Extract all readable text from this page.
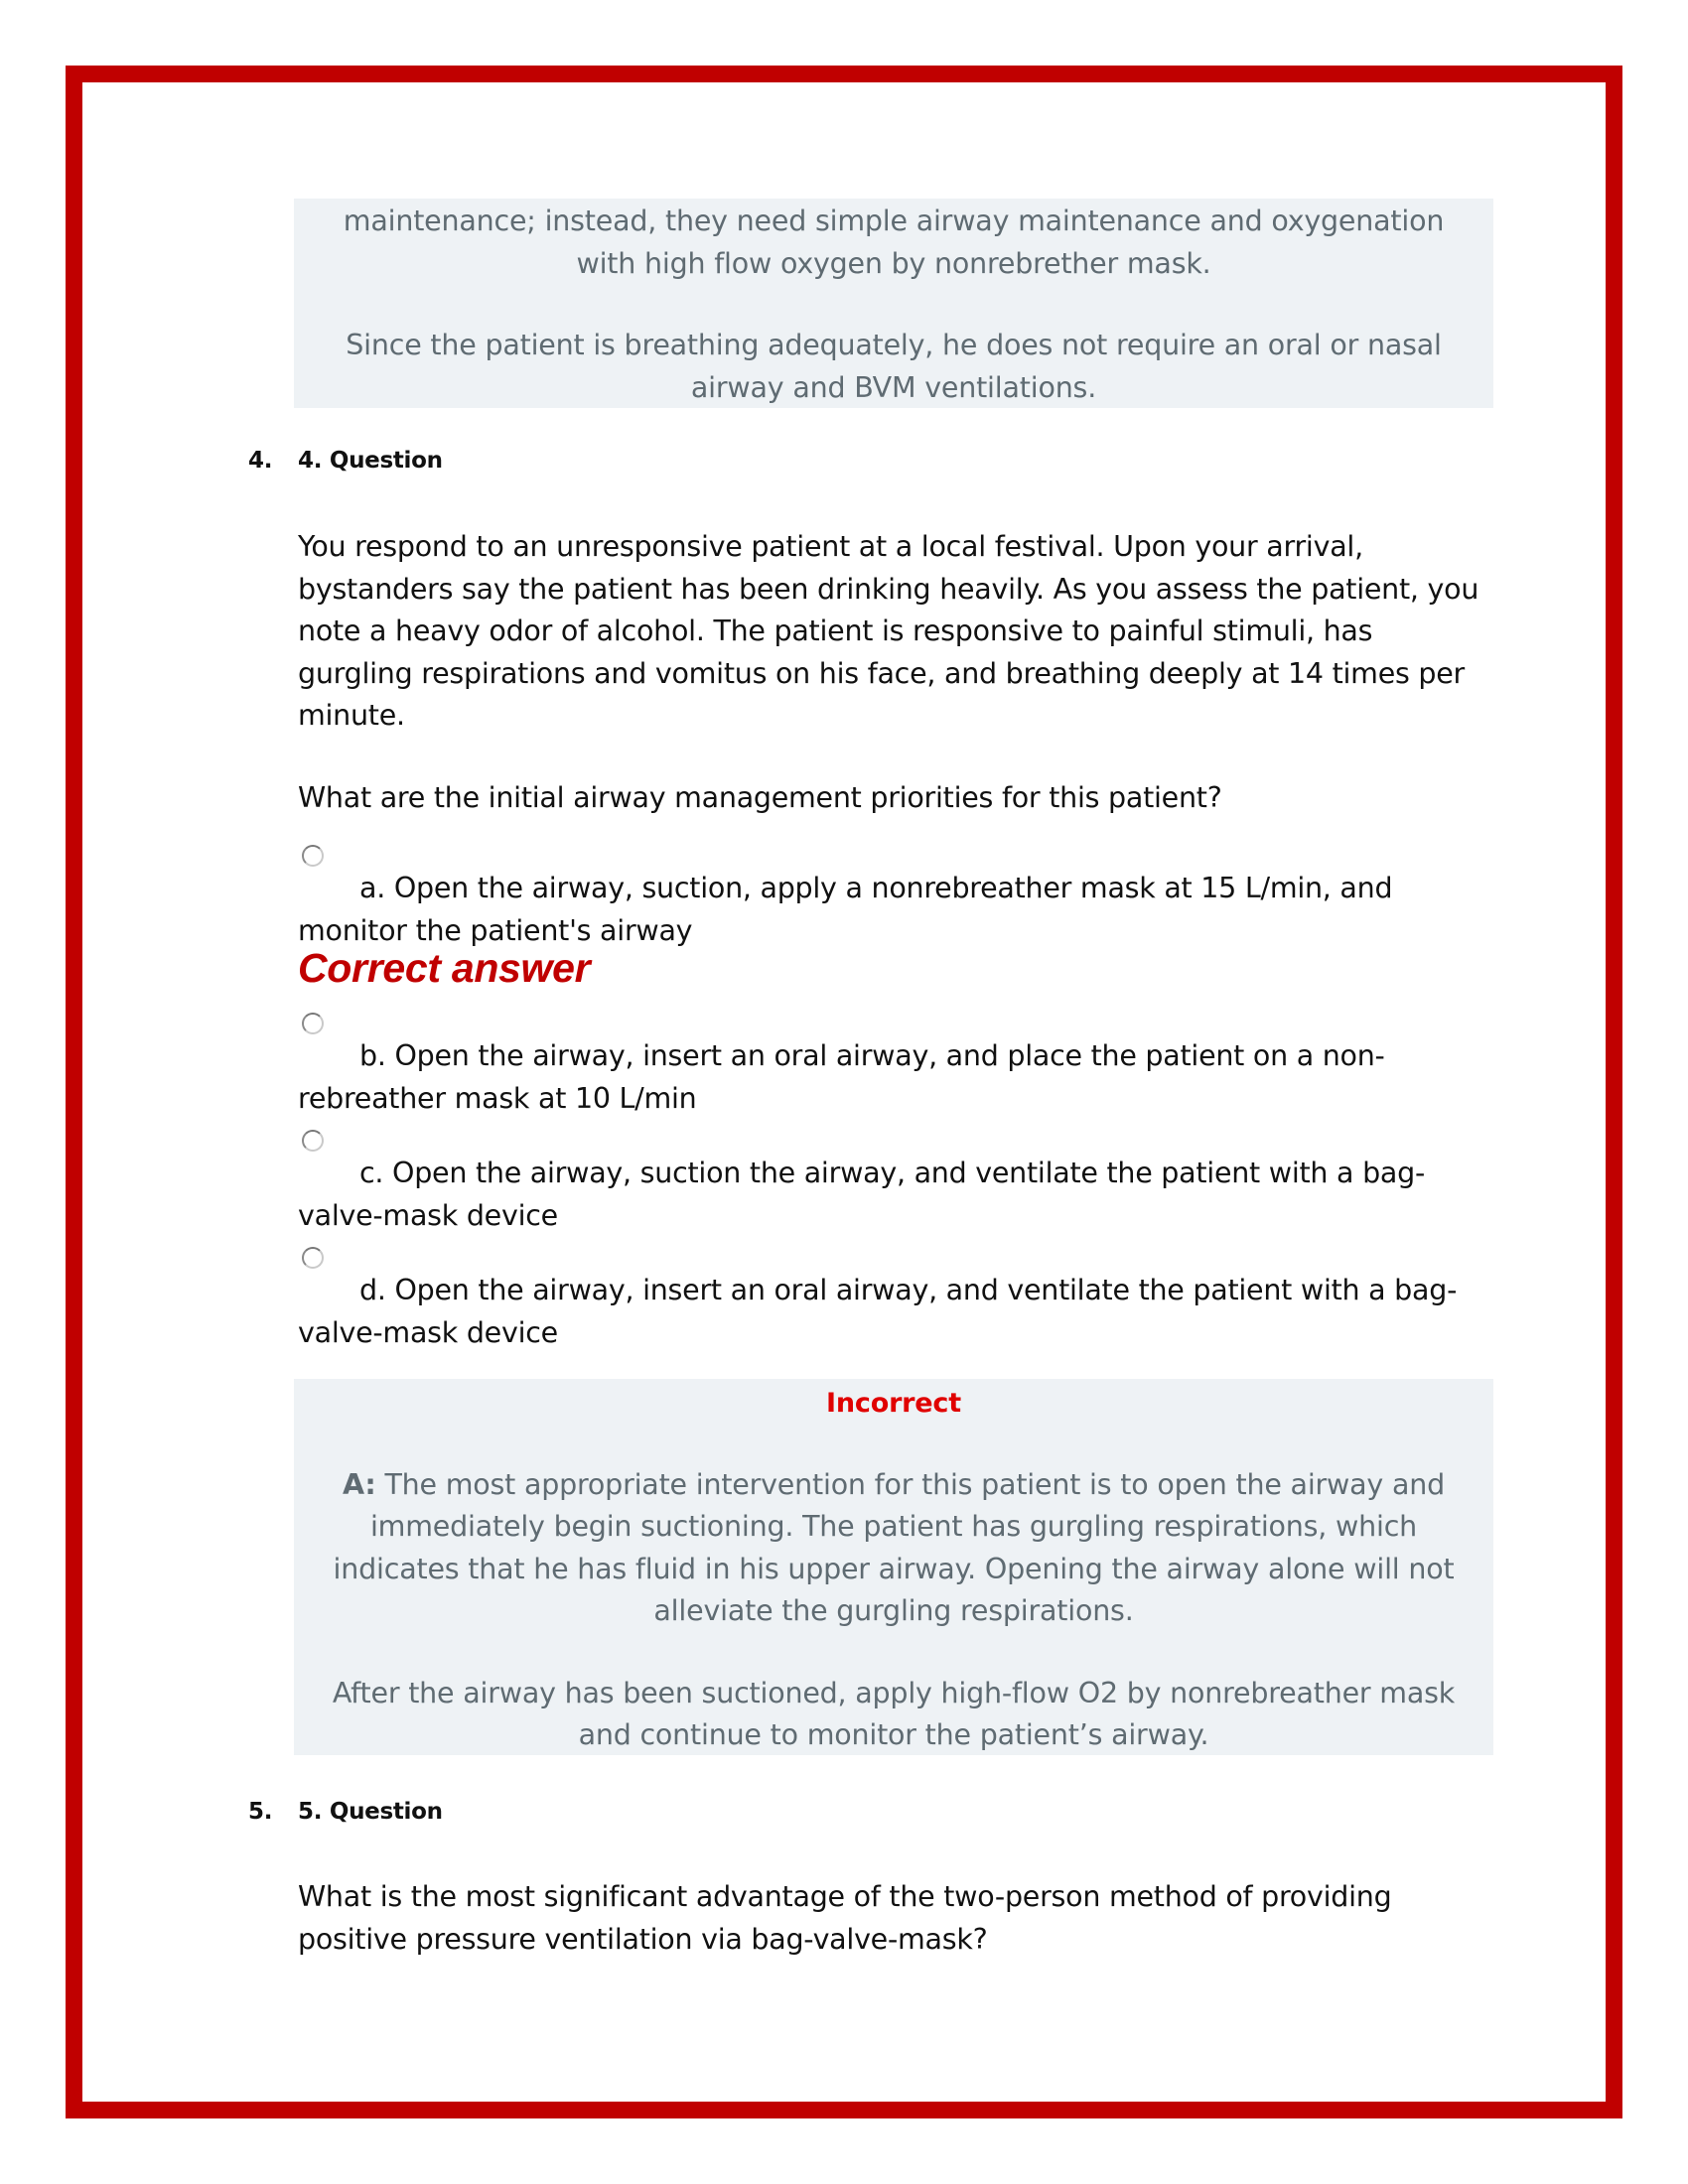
maintenance; instead, they need simple airway maintenance and oxygenation with high flow oxygen by nonrebrether mask.

Since the patient is breathing adequately, he does not require an oral or nasal airway and BVM ventilations.

4. 4. Question

You respond to an unresponsive patient at a local festival. Upon your arrival, bystanders say the patient has been drinking heavily. As you assess the patient, you note a heavy odor of alcohol. The patient is responsive to painful stimuli, has gurgling respirations and vomitus on his face, and breathing deeply at 14 times per minute.

What are the initial airway management priorities for this patient?

a. Open the airway, suction, apply a nonrebreather mask at 15 L/min, and monitor the patient's airway
Correct answer
b. Open the airway, insert an oral airway, and place the patient on a non-rebreather mask at 10 L/min
c. Open the airway, suction the airway, and ventilate the patient with a bag-valve-mask device
d. Open the airway, insert an oral airway, and ventilate the patient with a bag-valve-mask device

Incorrect

A: The most appropriate intervention for this patient is to open the airway and immediately begin suctioning. The patient has gurgling respirations, which indicates that he has fluid in his upper airway. Opening the airway alone will not alleviate the gurgling respirations.

After the airway has been suctioned, apply high-flow O2 by nonrebreather mask and continue to monitor the patient’s airway.

5. 5. Question

What is the most significant advantage of the two-person method of providing positive pressure ventilation via bag-valve-mask?
